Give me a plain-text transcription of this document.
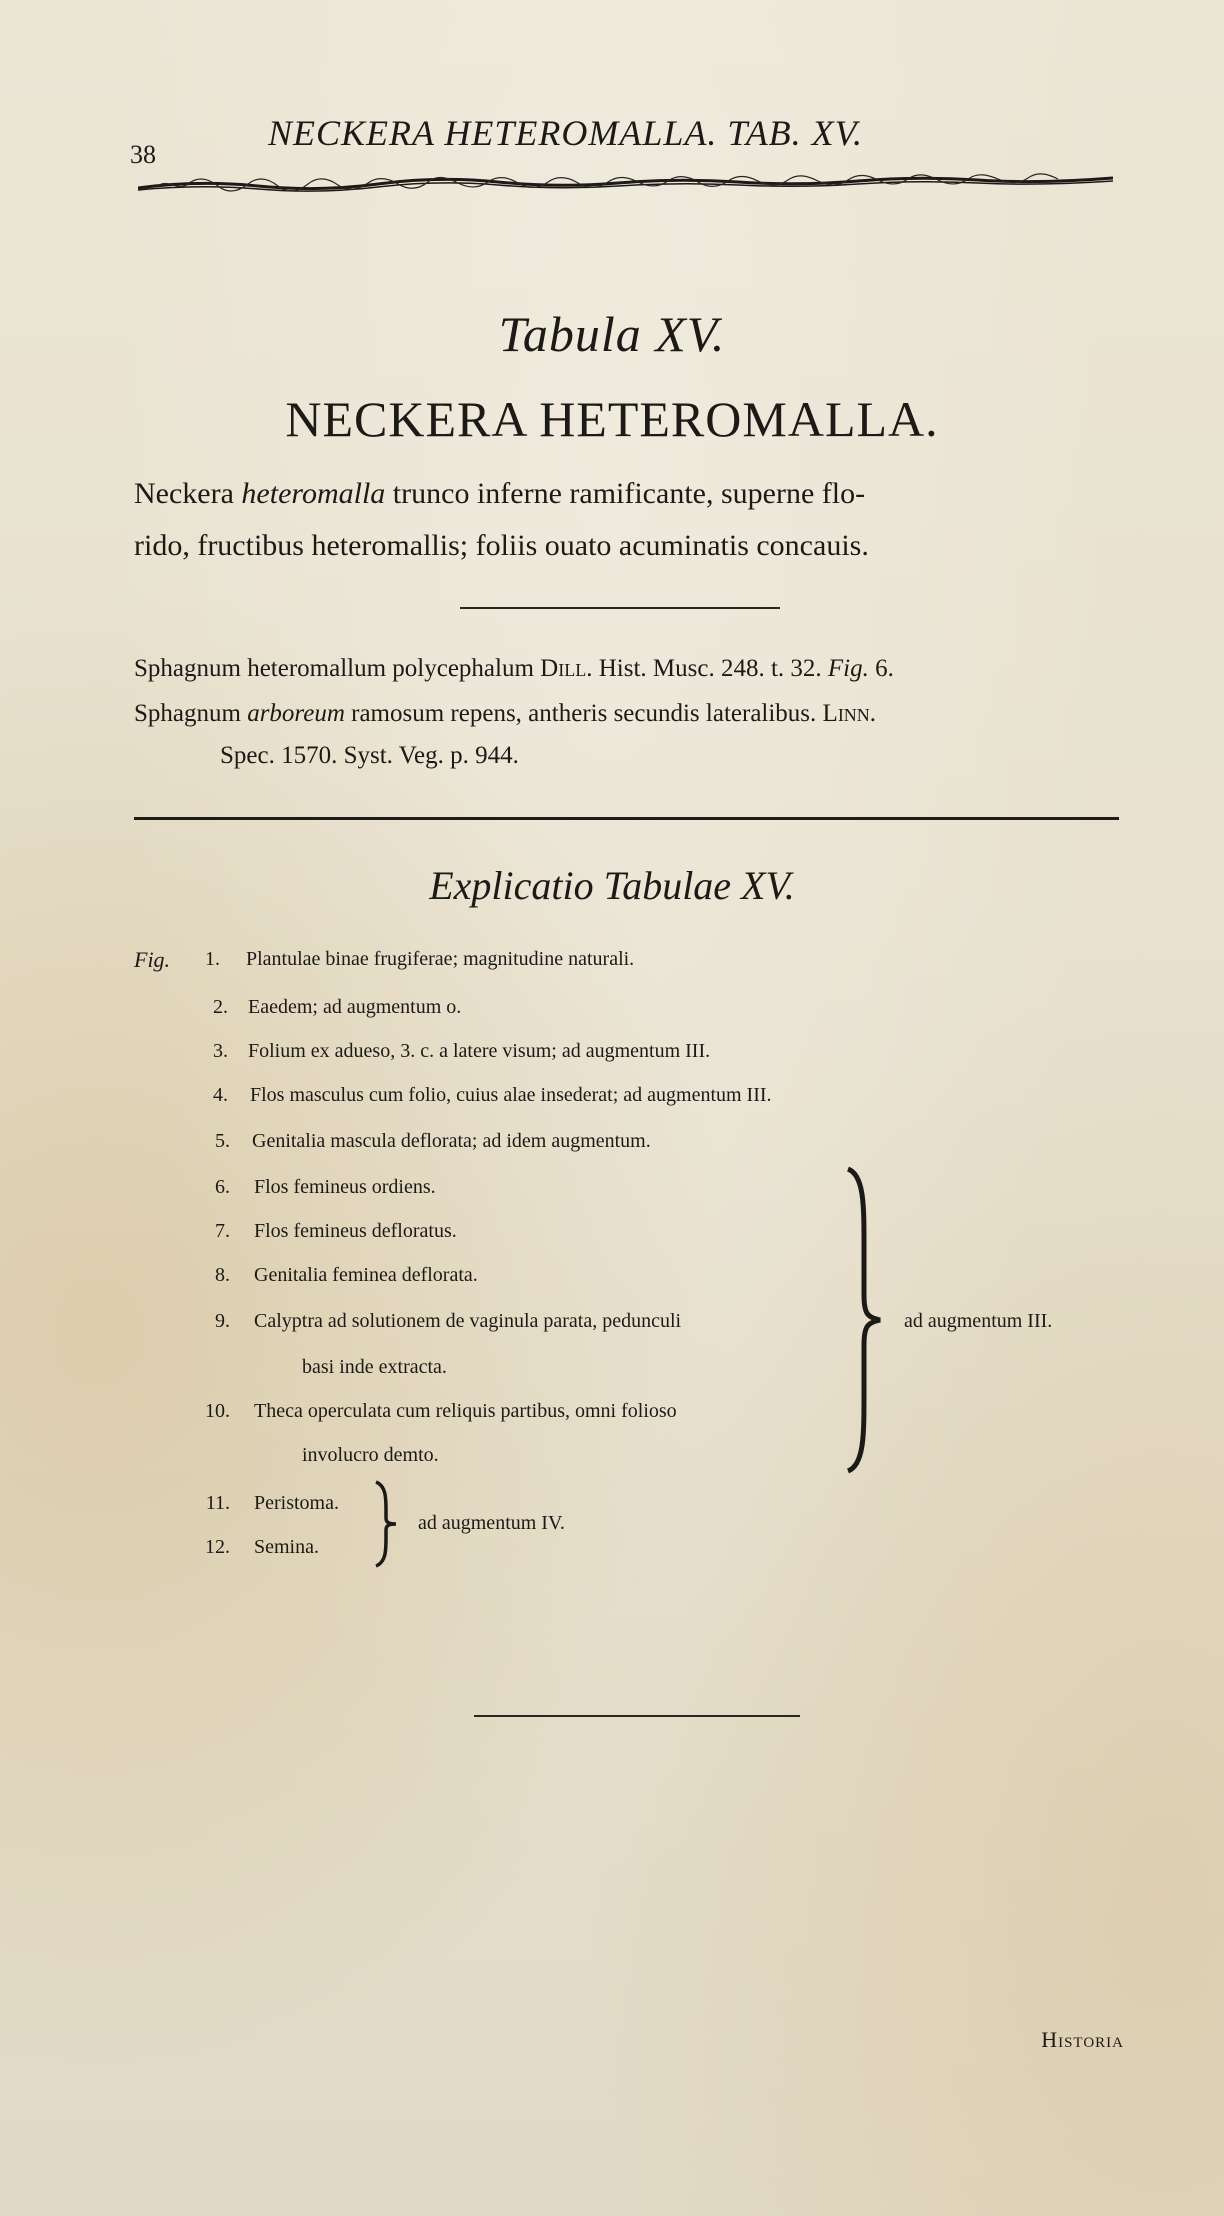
38
NECKERA HETEROMALLA. TAB. XV.
Tabula XV.
NECKERA HETEROMALLA.
Neckera heteromalla trunco inferne ramificante, superne flo-
rido, fructibus heteromallis; foliis ouato acuminatis concauis.
Sphagnum heteromallum polycephalum Dill. Hist. Musc. 248. t. 32. Fig. 6.
Sphagnum arboreum ramosum repens, antheris secundis lateralibus. Linn.
Spec. 1570. Syst. Veg. p. 944.
Explicatio Tabulae XV.
Fig.	1. Plantulae binae frugiferae; magnitudine naturali.
2. Eaedem; ad augmentum o.
3. Folium ex adueso, 3. c. a latere visum; ad augmentum III.
4. Flos masculus cum folio, cuius alae insederat; ad augmentum III.
5. Genitalia mascula deflorata; ad idem augmentum.
6. Flos femineus ordiens.
7. Flos femineus defloratus.
8. Genitalia feminea deflorata.
9. Calyptra ad solutionem de vaginula parata, pedunculi
basi inde extracta.
10. Theca operculata cum reliquis partibus, omni folioso
involucro demto.
11. Peristoma.
12. Semina.
ad augmentum III.
ad augmentum IV.
Historia
